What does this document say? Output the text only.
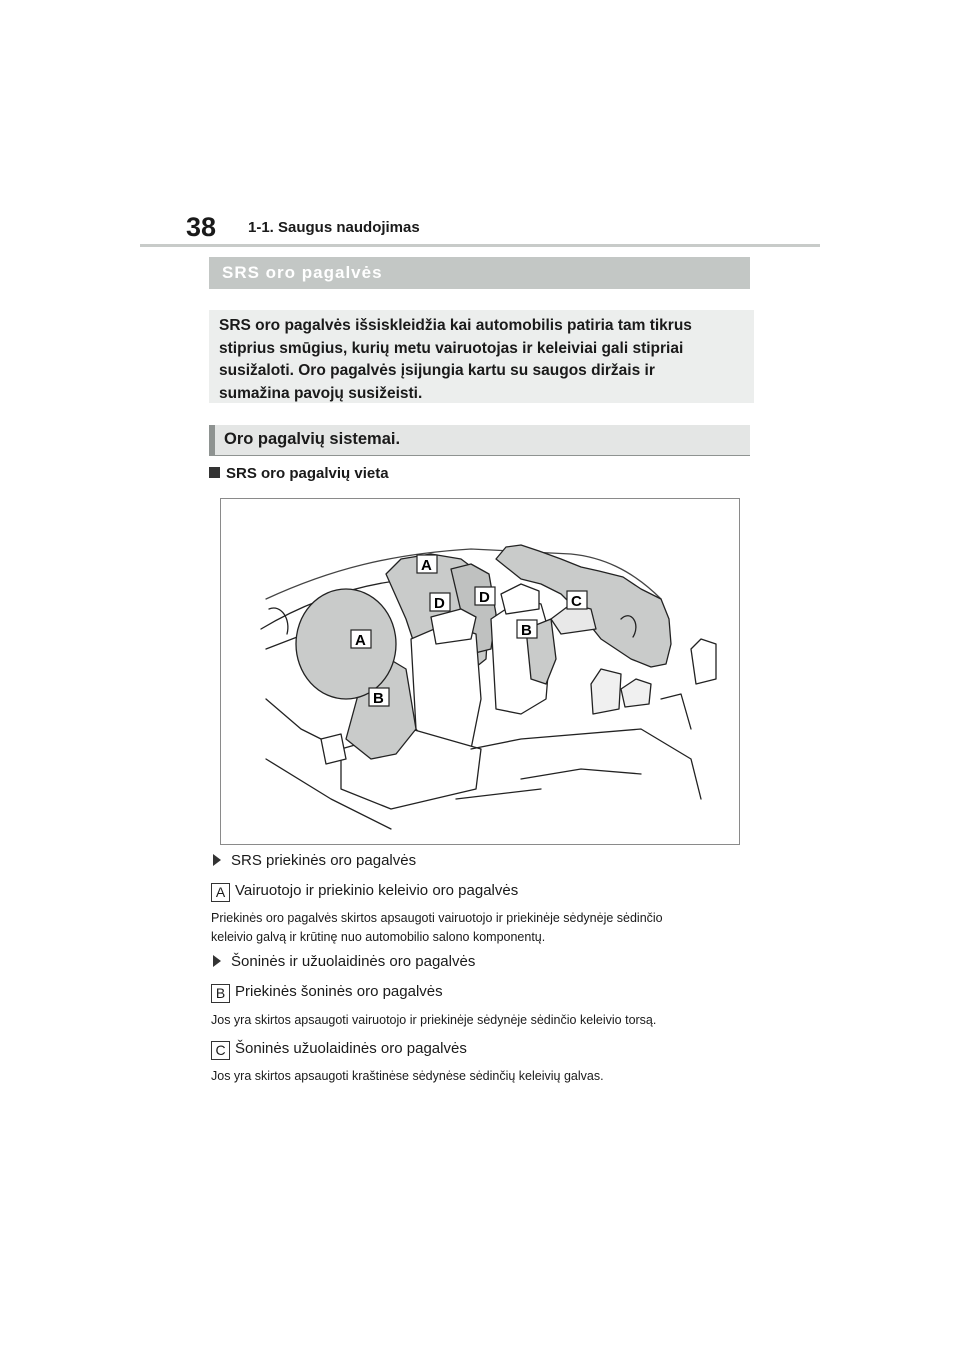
38 1-1. Saugus naudojimas
SRS oro pagalvės
SRS oro pagalvės išsiskleidžia kai automobilis patiria tam tikrus
stiprius smūgius, kurių metu vairuotojas ir keleiviai gali stipriai
susižaloti. Oro pagalvės įsijungia kartu su saugos diržais ir
sumažina pavojų susižeisti.
Oro pagalvių sistemai.
SRS oro pagalvių vieta
A
D D	C
B
A
B
SRS priekinės oro pagalvės
A Vairuotojo ir priekinio keleivio oro pagalvės
Priekinės oro pagalvės skirtos apsaugoti vairuotojo ir priekinėje sėdynėje sėdinčio
keleivio galvą ir krūtinę nuo automobilio salono komponentų.
Šoninės ir užuolaidinės oro pagalvės
B Priekinės šoninės oro pagalvės
Jos yra skirtos apsaugoti vairuotojo ir priekinėje sėdynėje sėdinčio keleivio torsą.
C Šoninės užuolaidinės oro pagalvės
Jos yra skirtos apsaugoti kraštinėse sėdynėse sėdinčių keleivių galvas.
